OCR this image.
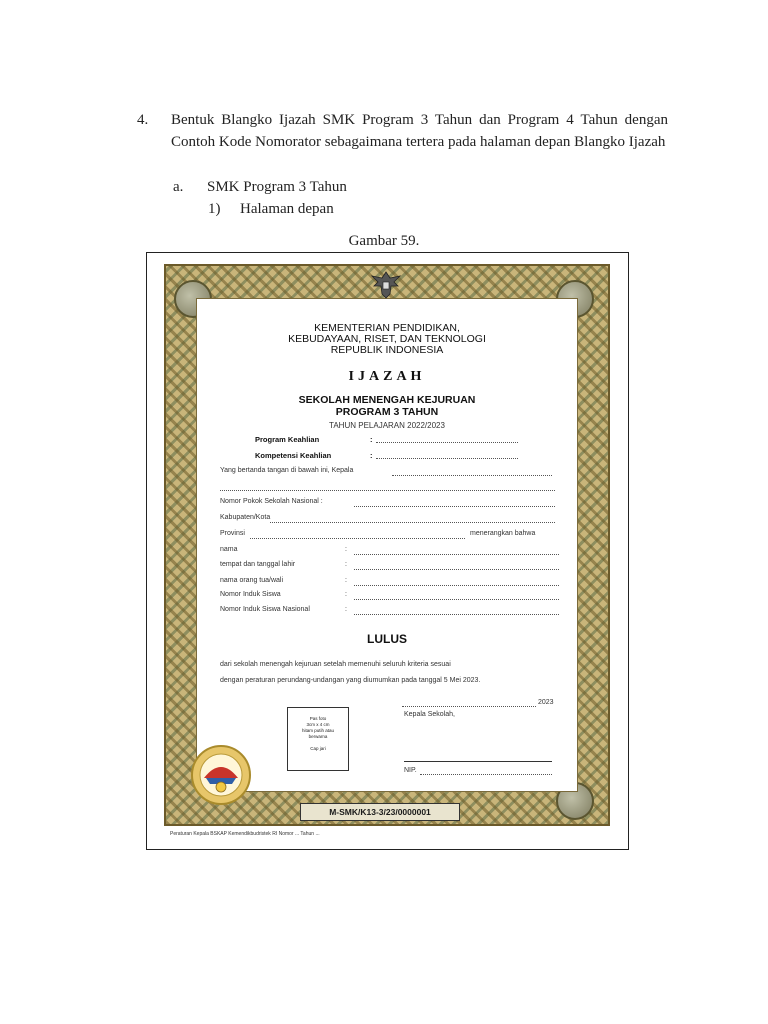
4. Bentuk Blangko Ijazah SMK Program 3 Tahun dan Program 4 Tahun dengan Contoh Kode Nomorator sebagaimana tertera pada halaman depan Blangko Ijazah
a. SMK Program 3 Tahun
1) Halaman depan
Gambar 59.
KEMENTERIAN PENDIDIKAN,
KEBUDAYAAN, RISET, DAN TEKNOLOGI
REPUBLIK INDONESIA
IJAZAH
SEKOLAH MENENGAH KEJURUAN
PROGRAM 3 TAHUN
TAHUN PELAJARAN 2022/2023
Program Keahlian	:
Kompetensi Keahlian	:
Yang bertanda tangan di bawah ini, Kepala
Nomor Pokok Sekolah Nasional :
Kabupaten/Kota
Provinsi	menerangkan bahwa
nama	:
tempat dan tanggal lahir	:
nama orang tua/wali	:
Nomor Induk Siswa	:
Nomor Induk Siswa Nasional	:
LULUS
dari sekolah menengah kejuruan setelah memenuhi seluruh kriteria sesuai
dengan peraturan perundang-undangan yang diumumkan pada tanggal 5 Mei 2023.
2023
Kepala Sekolah,
NIP.
Pas foto
3cm x 4 cm
hitam putih atau
berwarna
Cap jari
M-SMK/K13-3/23/0000001
Peraturan Kepala BSKAP Kemendikbudristek RI Nomor ... Tahun ...
